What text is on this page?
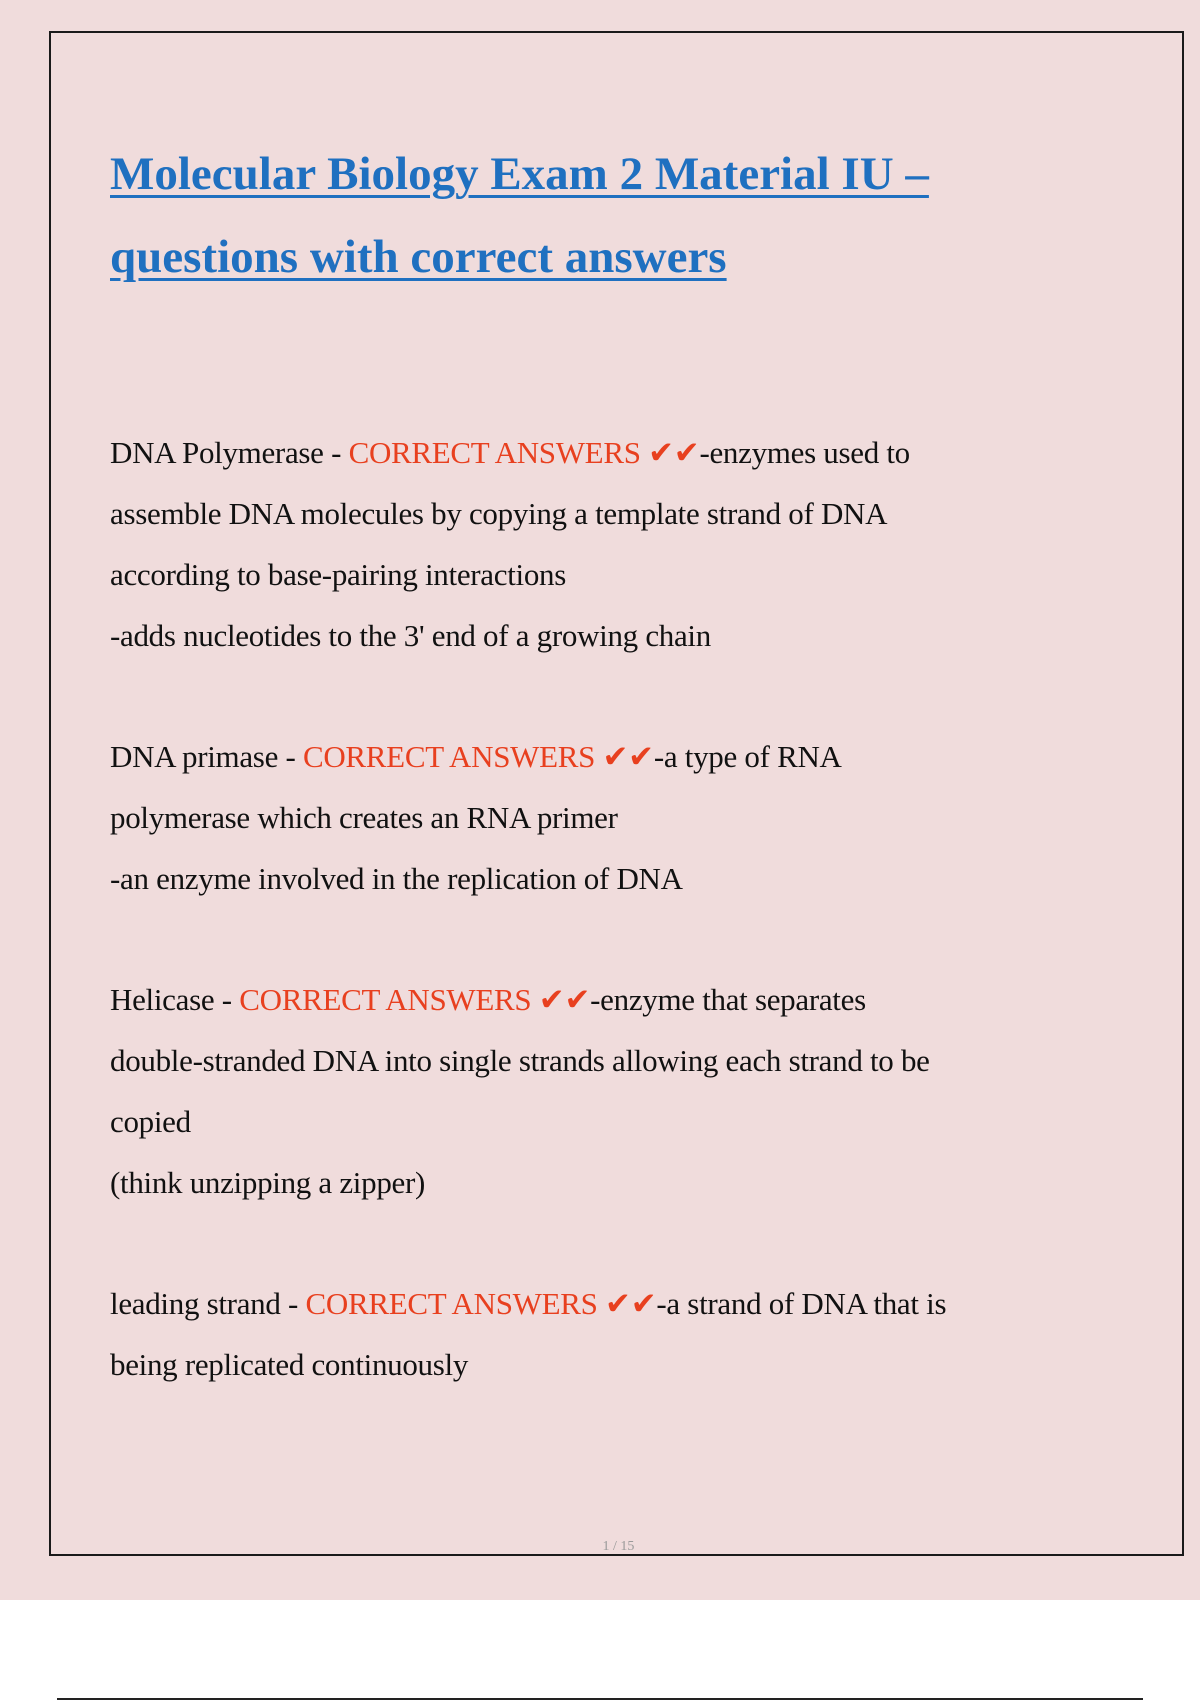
Molecular Biology Exam 2 Material IU –
questions with correct answers

DNA Polymerase - CORRECT ANSWERS ✔✔-enzymes used to

assemble DNA molecules by copying a template strand of DNA

according to base-pairing interactions

-adds nucleotides to the 3' end of a growing chain

DNA primase - CORRECT ANSWERS ✔✔-a type of RNA

polymerase which creates an RNA primer

-an enzyme involved in the replication of DNA

Helicase - CORRECT ANSWERS ✔✔-enzyme that separates

double-stranded DNA into single strands allowing each strand to be

copied

(think unzipping a zipper)

leading strand - CORRECT ANSWERS ✔✔-a strand of DNA that is

being replicated continuously

1 / 15
